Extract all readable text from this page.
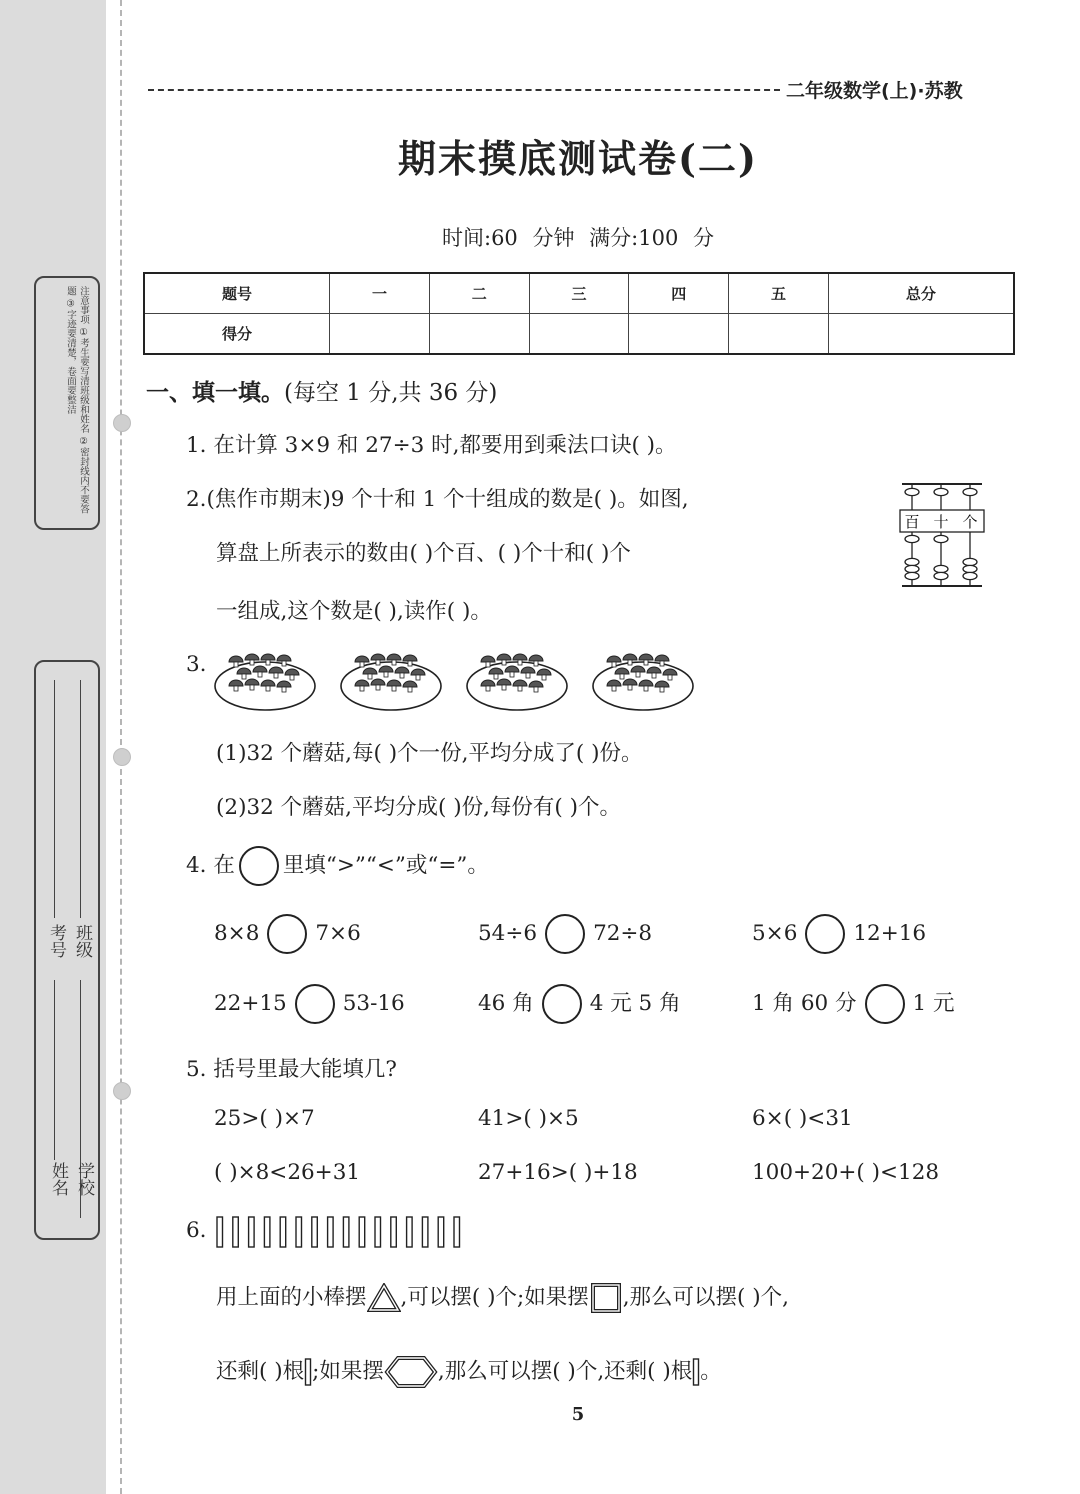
注意事项 ①考生要写清班级和姓名 ②密封线内不要答题 ③字迹要清楚，卷面要整洁
班级
考号
学校
姓名
二年级数学(上)·苏教
期末摸底测试卷(二)
时间:60 分钟 满分:100 分
题号	一	二	三	四	五	总分
得分						
一、填一填。(每空 1 分,共 36 分)
1. 在计算 3×9 和 27÷3 时,都要用到乘法口诀( )。
2.(焦作市期末)9 个十和 1 个十组成的数是( )。如图,
算盘上所表示的数由( )个百、( )个十和( )个
一组成,这个数是( ),读作( )。
百 十 个
3.
(1)32 个蘑菇,每( )个一份,平均分成了( )份。
(2)32 个蘑菇,平均分成( )份,每份有( )个。
4. 在 里填“>”“<”或“=”。
8×8	7×6	54÷6	72÷8	5×6	12+16
22+15	53-16	46 角	4 元 5 角	1 角 60 分	1 元
5. 括号里最大能填几?
25>( )×7	41>( )×5	6×( )<31
( )×8<26+31	27+16>( )+18	100+20+( )<128
6.
用上面的小棒摆 ,可以摆( )个;如果摆 ,那么可以摆( )个,
还剩( )根 ;如果摆	,那么可以摆( )个,还剩( )根 。
5
